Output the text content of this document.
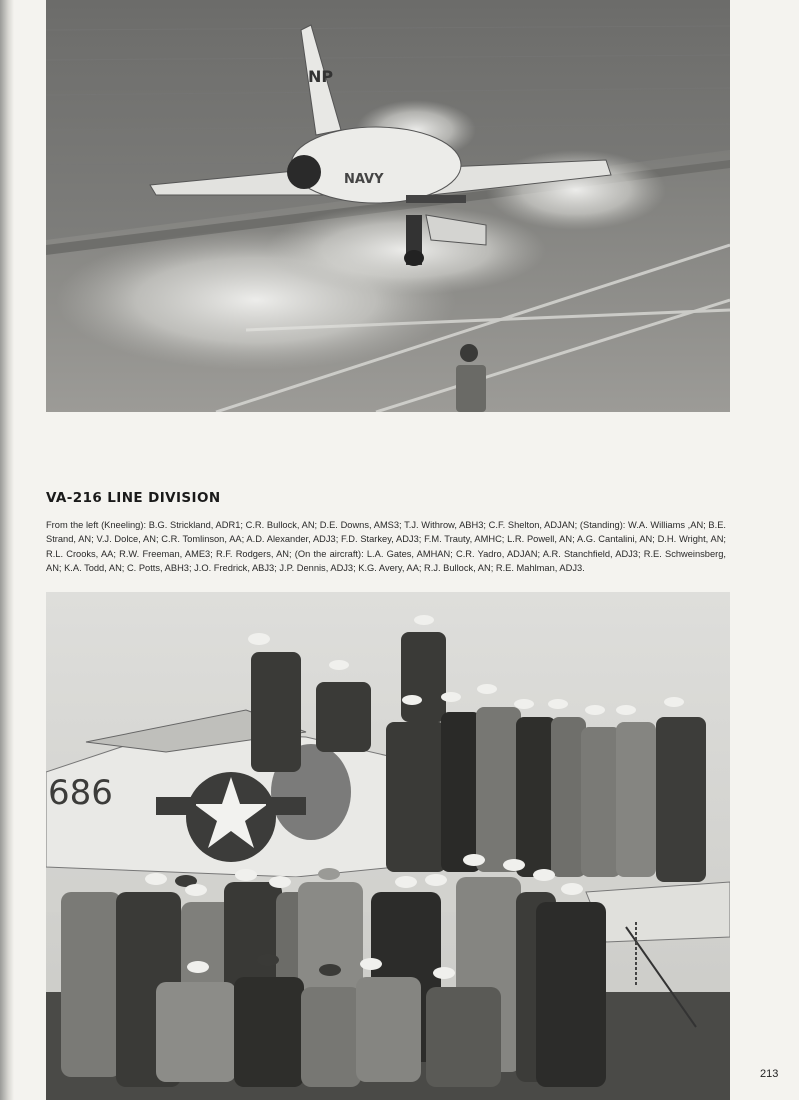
NP
NAVY
VA-216 LINE DIVISION

From the left (Kneeling): B.G. Strickland, ADR1; C.R. Bullock, AN; D.E. Downs, AMS3; T.J. Withrow, ABH3; C.F. Shelton, ADJAN; (Standing): W.A. Williams ,AN; B.E. Strand, AN; V.J. Dolce, AN; C.R. Tomlinson, AA; A.D. Alexander, ADJ3; F.D. Starkey, ADJ3; F.M. Trauty, AMHC; L.R. Powell, AN; A.G. Cantalini, AN; D.H. Wright, AN; R.L. Crooks, AA; R.W. Freeman, AME3; R.F. Rodgers, AN; (On the aircraft): L.A. Gates, AMHAN; C.R. Yadro, ADJAN; A.R. Stanchfield, ADJ3; R.E. Schweinsberg, AN; K.A. Todd, AN; C. Potts, ABH3; J.O. Fredrick, ABJ3; J.P. Dennis, ADJ3; K.G. Avery, AA; R.J. Bullock, AN; R.E. Mahlman, ADJ3.

686
213
